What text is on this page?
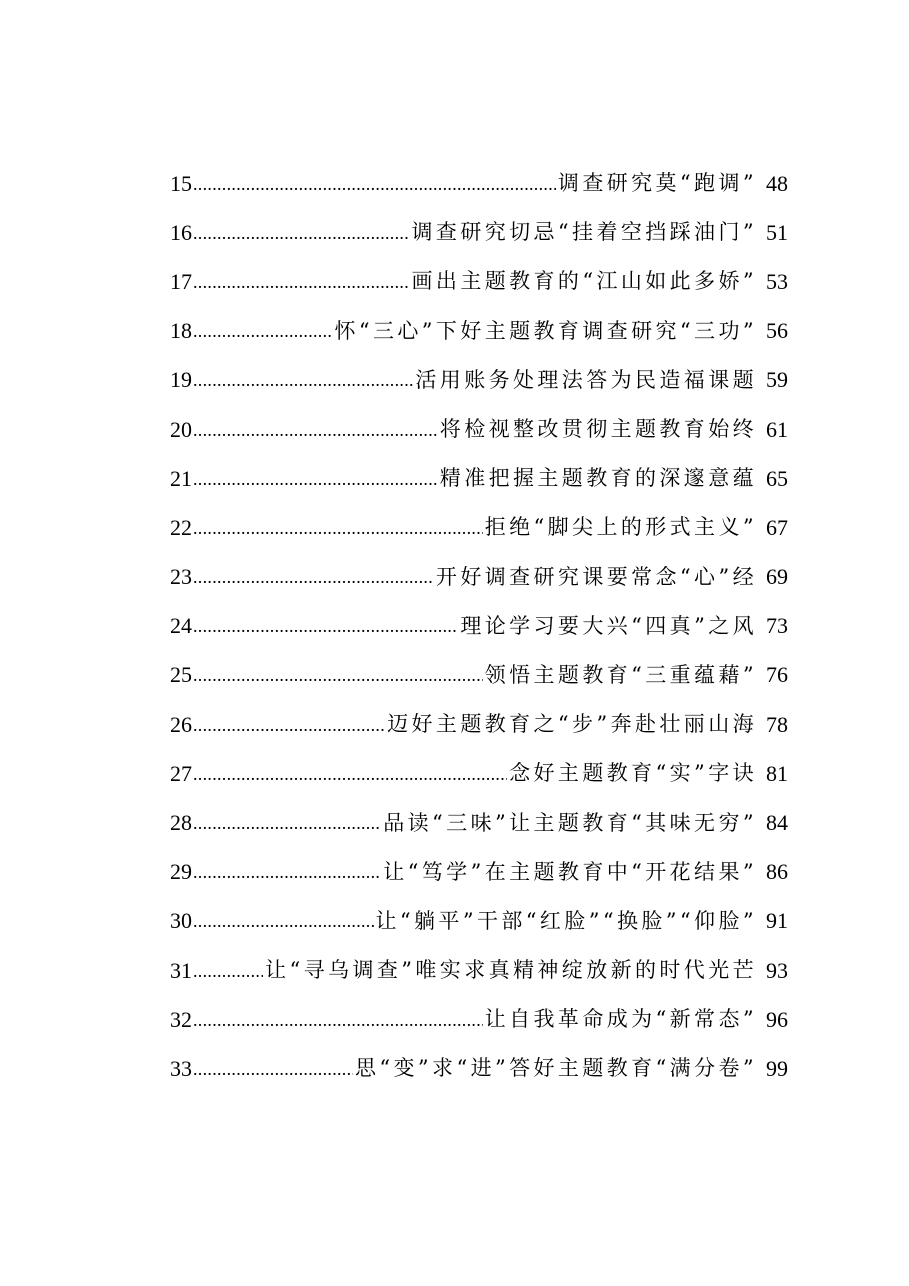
15 .....	调查研究莫“跑调” 48
16 .....	调查研究切忌“挂着空挡踩油门” 51
17 .....	画出主题教育的“江山如此多娇” 53
18 .....	怀“三心”下好主题教育调查研究“三功” 56
19 .....	活用账务处理法答为民造福课题 59
20 .....	将检视整改贯彻主题教育始终 61
21 .....	精准把握主题教育的深邃意蕴 65
22 .....	拒绝“脚尖上的形式主义” 67
23 .....	开好调查研究课要常念“心”经 69
24 .....	理论学习要大兴“四真”之风 73
25 .....	领悟主题教育“三重蕴藉” 76
26 .....	迈好主题教育之“步”奔赴壮丽山海 78
27 .....	念好主题教育“实”字诀 81
28 .....	品读“三味”让主题教育“其味无穷” 84
29 .....	让“笃学”在主题教育中“开花结果” 86
30 .....	让“躺平”干部“红脸”“换脸”“仰脸” 91
31 .....	让“寻乌调查”唯实求真精神绽放新的时代光芒 93
32 .....	让自我革命成为“新常态” 96
33 .....	思“变”求“进”答好主题教育“满分卷” 99
